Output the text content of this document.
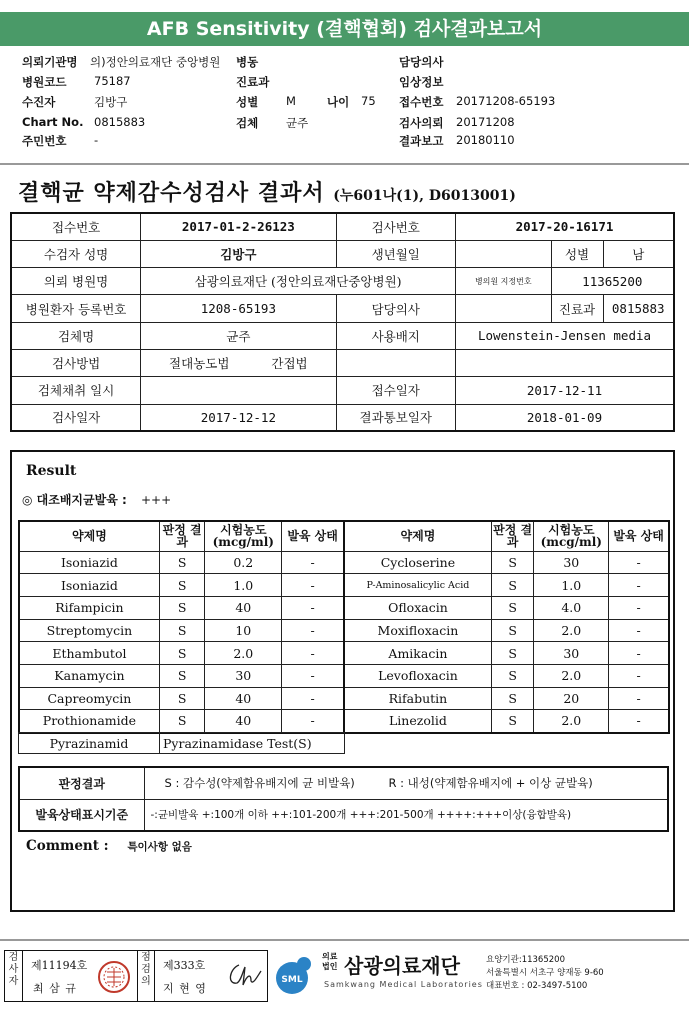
AFB Sensitivity (결핵협회) 검사결과보고서
의뢰기관명 의)정안의료재단 중앙병원 병동	담당의사
병원코드 75187	진료과	임상정보
수진자	김방구	성별 M	나이 75 접수번호 20171208-65193
Chart No. 0815883	검체 균주	검사의뢰 20171208
주민번호 -	결과보고 20180110
결핵균 약제감수성검사 결과서 (누601나(1), D6013001)
접수번호	2017-01-2-26123	검사번호	2017-20-16171		
수검자 성명	김방구	생년월일		성별	남
의뢰 병원명	삼광의료재단 (정안의료재단중앙병원)		병의원 지정번호	11365200	
병원환자 등록번호	1208-65193	담당의사		진료과	0815883
검체명	균주	사용배지	Lowenstein-Jensen media		
검사방법	절대농도법 간접법				
검체채취 일시		접수일자	2017-12-11		
검사일자	2017-12-12	결과통보일자	2018-01-09		
Result
◎ 대조배지균발육 : +++
약제명	판정 결과	시험농도 (mcg/ml)	발육 상태
Isoniazid	S	0.2	-
Isoniazid	S	1.0	-
Rifampicin	S	40	-
Streptomycin	S	10	-
Ethambutol	S	2.0	-
Kanamycin	S	30	-
Capreomycin	S	40	-
Prothionamide	S	40	-
약제명	판정 결과	시험농도 (mcg/ml)	발육 상태
Cycloserine	S	30	-
P-Aminosalicylic Acid	S	1.0	-
Ofloxacin	S	4.0	-
Moxifloxacin	S	2.0	-
Amikacin	S	30	-
Levofloxacin	S	2.0	-
Rifabutin	S	20	-
Linezolid	S	2.0	-
Pyrazinamid	Pyrazinamidase Test(S)
판정결과	S : 감수성(약제함유배지에 균 비발육) R : 내성(약제함유배지에 + 이상 균발육)
발육상태표시기준	-:균비발육 +:100개 이하 ++:101-200개 +++:201-500개 ++++:+++이상(융합발육)
Comment : 특이사항 없음
검사자
제11194호
최 삼 규
점검의
제333호
지 현 영
SML
의료법인 삼광의료재단
Samkwang Medical Laboratories
요양기관:11365200
서울특별시 서초구 양재동 9-60
대표번호 : 02-3497-5100
